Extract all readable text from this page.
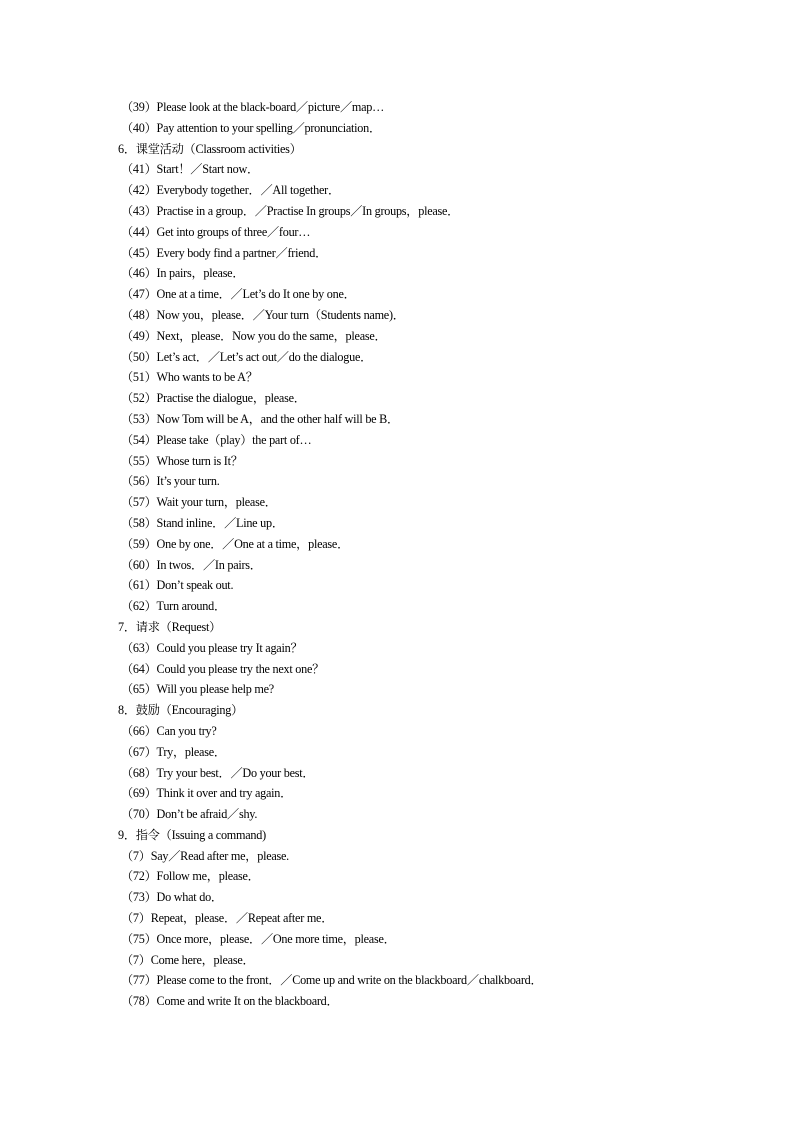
（39）Please look at the black-board／picture／map…
（40）Pay attention to your spelling／pronunciation．
6．课堂活动（Classroom activities）
（41）Start！／Start now．
（42）Everybody together．／All together．
（43）Practise in a group．／Practise In groups／In groups，please．
（44）Get into groups of three／four…
（45）Every body find a partner／friend．
（46）In pairs，please．
（47）One at a time．／Let’s do It one by one．
（48）Now you，please．／Your turn（Students name)．
（49）Next，please．Now you do the same，please．
（50）Let’s act．／Let’s act out／do the dialogue．
（51）Who wants to be A？
（52）Practise the dialogue，please．
（53）Now Tom will be A，and the other half will be B．
（54）Please take（play）the part of…
（55）Whose turn is It？
（56）It’s your turn.
（57）Wait your turn，please．
（58）Stand inline．／Line up．
（59）One by one．／One at a time，please．
（60）In twos．／In pairs．
（61）Don’t speak out.
（62）Turn around．
7．请求（Request）
（63）Could you please try It again？
（64）Could you please try the next one？
（65）Will you please help me?
8．鼓励（Encouraging）
（66）Can you try?
（67）Try，please．
（68）Try your best．／Do your best．
（69）Think it over and try again．
（70）Don’t be afraid／shy.
9．指令（Issuing a command)
（7）Say／Read after me，please.
（72）Follow me，please．
（73）Do what do．
（7）Repeat，please．／Repeat after me．
（75）Once more，please．／One more time，please．
（7）Come here，please．
（77）Please come to the front．／Come up and write on the blackboard／chalkboard．
（78）Come and write It on the blackboard．
